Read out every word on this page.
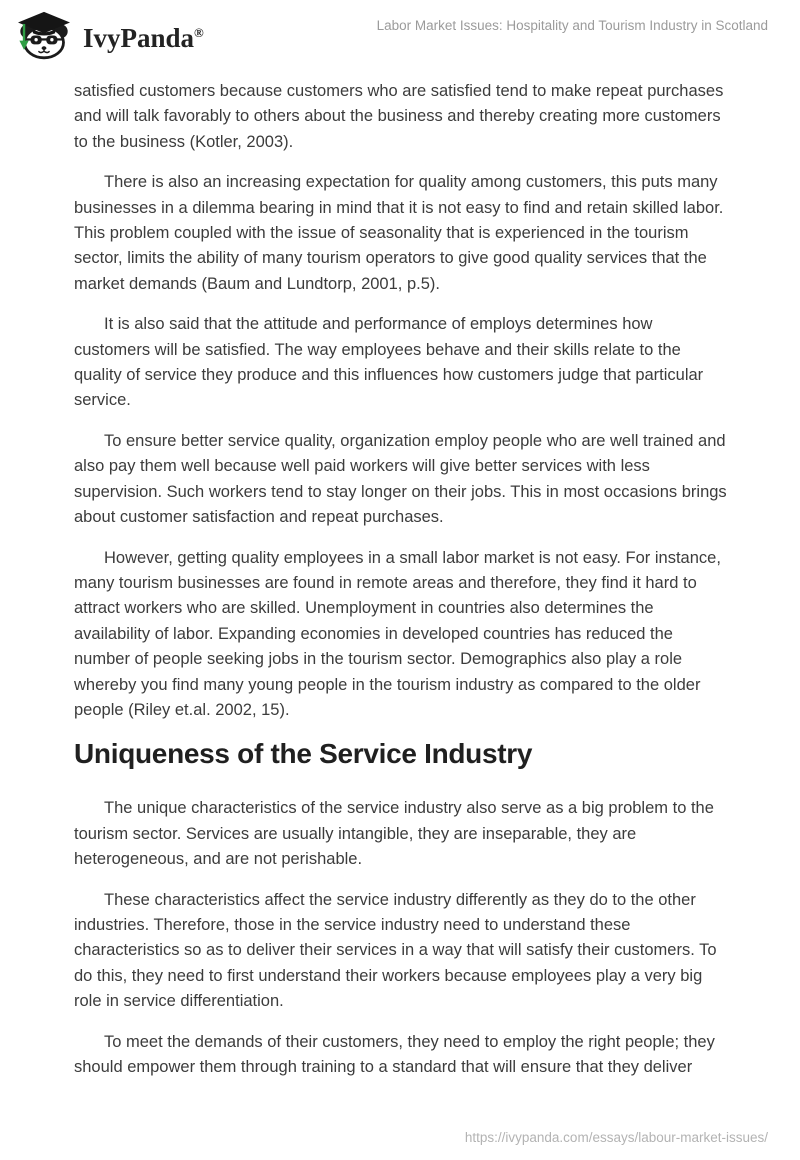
IvyPanda®	Labor Market Issues: Hospitality and Tourism Industry in Scotland

satisfied customers because customers who are satisfied tend to make repeat purchases and will talk favorably to others about the business and thereby creating more customers to the business (Kotler, 2003).

There is also an increasing expectation for quality among customers, this puts many businesses in a dilemma bearing in mind that it is not easy to find and retain skilled labor. This problem coupled with the issue of seasonality that is experienced in the tourism sector, limits the ability of many tourism operators to give good quality services that the market demands (Baum and Lundtorp, 2001, p.5).

It is also said that the attitude and performance of employs determines how customers will be satisfied. The way employees behave and their skills relate to the quality of service they produce and this influences how customers judge that particular service.

To ensure better service quality, organization employ people who are well trained and also pay them well because well paid workers will give better services with less supervision. Such workers tend to stay longer on their jobs. This in most occasions brings about customer satisfaction and repeat purchases.

However, getting quality employees in a small labor market is not easy. For instance, many tourism businesses are found in remote areas and therefore, they find it hard to attract workers who are skilled. Unemployment in countries also determines the availability of labor. Expanding economies in developed countries has reduced the number of people seeking jobs in the tourism sector. Demographics also play a role whereby you find many young people in the tourism industry as compared to the older people (Riley et.al. 2002, 15).

Uniqueness of the Service Industry

The unique characteristics of the service industry also serve as a big problem to the tourism sector. Services are usually intangible, they are inseparable, they are heterogeneous, and are not perishable.

These characteristics affect the service industry differently as they do to the other industries. Therefore, those in the service industry need to understand these characteristics so as to deliver their services in a way that will satisfy their customers. To do this, they need to first understand their workers because employees play a very big role in service differentiation.

To meet the demands of their customers, they need to employ the right people; they should empower them through training to a standard that will ensure that they deliver

https://ivypanda.com/essays/labour-market-issues/
